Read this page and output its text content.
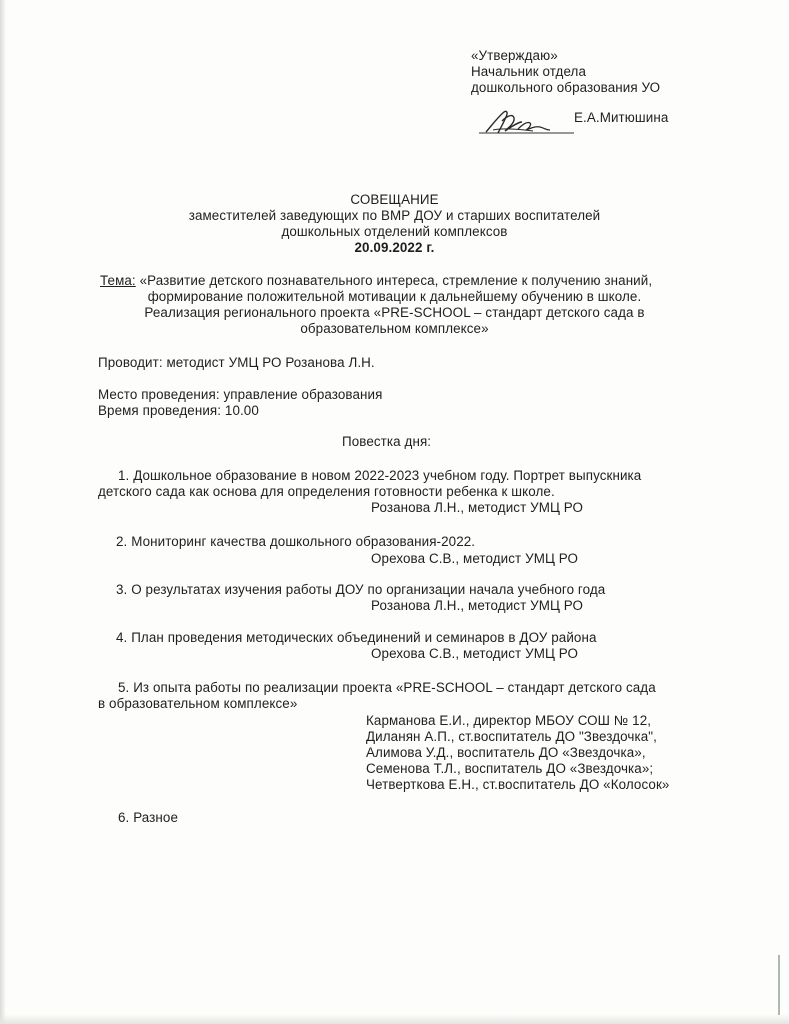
«Утверждаю»
Начальник отдела
дошкольного образования УО
Е.А.Митюшина
СОВЕЩАНИЕ
заместителей заведующих по ВМР ДОУ и старших воспитателей
дошкольных отделений комплексов
20.09.2022 г.
Тема: «Развитие детского познавательного интереса, стремление к получению знаний,
формирование положительной мотивации к дальнейшему обучению в школе.
Реализация регионального проекта «PRE-SCHOOL – стандарт детского сада в
образовательном комплексе»
Проводит: методист УМЦ РО Розанова Л.Н.
Место проведения: управление образования
Время проведения: 10.00
Повестка дня:
1. Дошкольное образование в новом 2022-2023 учебном году. Портрет выпускника
детского сада как основа для определения готовности ребенка к школе.
Розанова Л.Н., методист УМЦ РО
2. Мониторинг качества дошкольного образования-2022.
Орехова С.В., методист УМЦ РО
3. О результатах изучения работы ДОУ по организации начала учебного года
Розанова Л.Н., методист УМЦ РО
4. План проведения методических объединений и семинаров в ДОУ района
Орехова С.В., методист УМЦ РО
5. Из опыта работы по реализации проекта «PRE-SCHOOL – стандарт детского сада
в образовательном комплексе»
Карманова Е.И., директор МБОУ СОШ № 12,
Диланян А.П., ст.воспитатель ДО "Звездочка",
Алимова У.Д., воспитатель ДО «Звездочка»,
Семенова Т.Л., воспитатель ДО «Звездочка»;
Четверткова Е.Н., ст.воспитатель ДО «Колосок»
6. Разное
